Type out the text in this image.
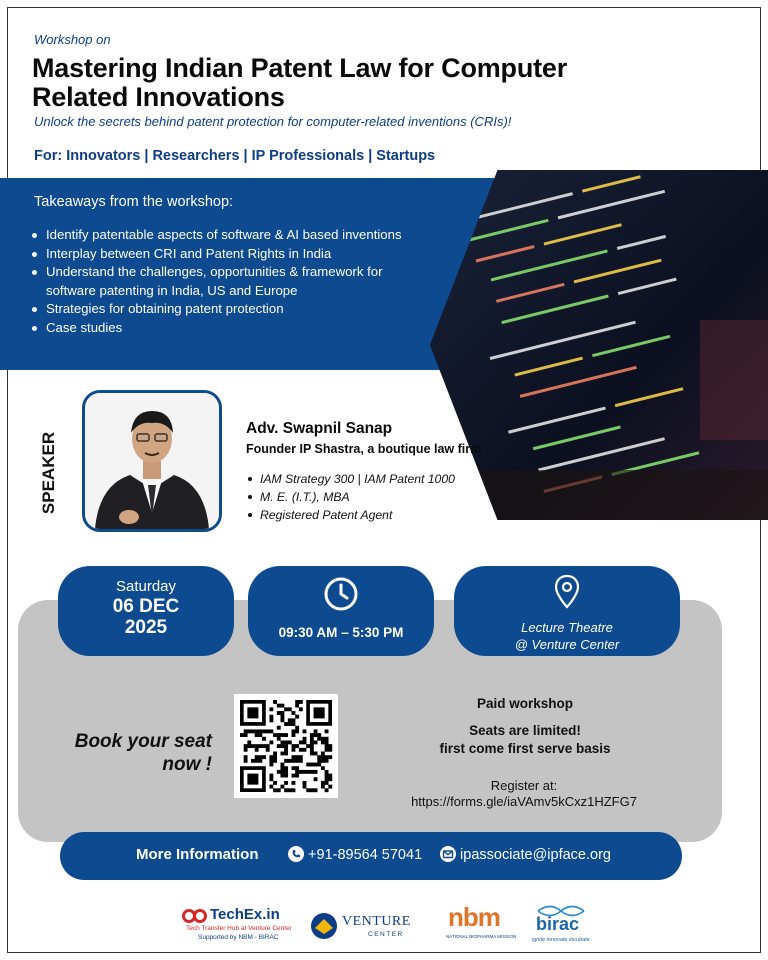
Workshop on
Mastering Indian Patent Law for Computer
Related Innovations
Unlock the secrets behind patent protection for computer-related inventions (CRIs)!
For: Innovators | Researchers | IP Professionals | Startups
Takeaways from the workshop:
Identify patentable aspects of software & AI based inventions
Interplay between CRI and Patent Rights in India
Understand the challenges, opportunities & framework for software patenting in India, US and Europe
Strategies for obtaining patent protection
Case studies
SPEAKER
Adv. Swapnil Sanap
Founder IP Shastra, a boutique law firm
IAM Strategy 300 | IAM Patent 1000
M. E. (I.T.), MBA
Registered Patent Agent
Saturday
06 DEC
2025	09:30 AM – 5:30 PM	Lecture Theatre
@ Venture Center
Book your seat
now !
Paid workshop
Seats are limited!
first come first serve basis
Register at:
https://forms.gle/iaVAmv5kCxz1HZFG7
More Information	+91-89564 57041	ipassociate@ipface.org
TechEx.in
Tech Transfer Hub at Venture Center
Supported by NBM - BIRAC
VENTURE
CENTER
nbm
NATIONAL BIOPHARMA MISSION
birac
ignite innovate incubate
